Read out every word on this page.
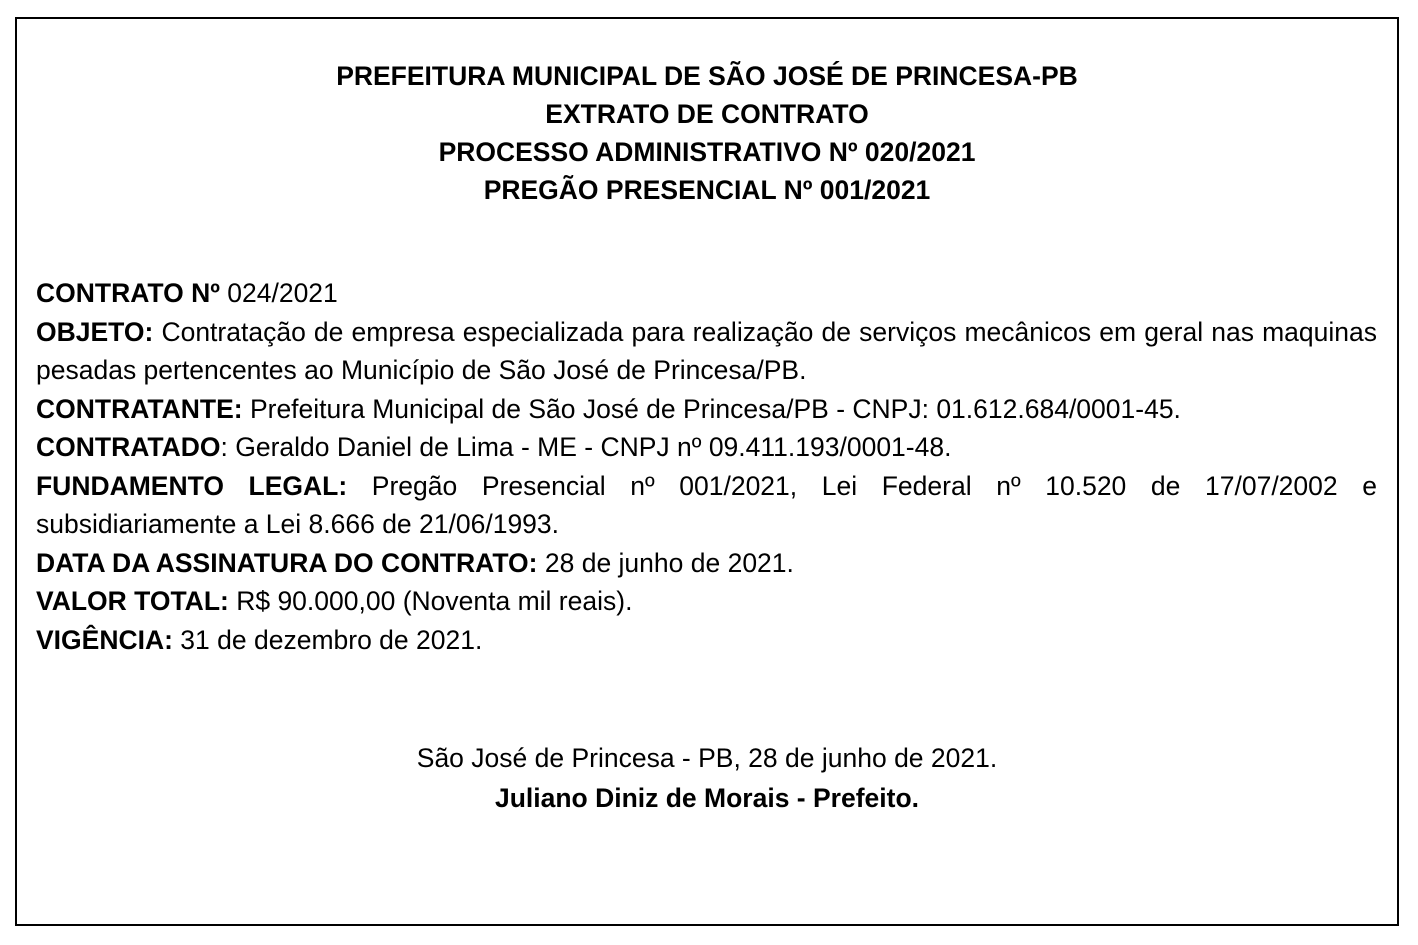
PREFEITURA MUNICIPAL DE SÃO JOSÉ DE PRINCESA-PB
EXTRATO DE CONTRATO
PROCESSO ADMINISTRATIVO Nº 020/2021
PREGÃO PRESENCIAL Nº 001/2021

CONTRATO Nº 024/2021

OBJETO: Contratação de empresa especializada para realização de serviços mecânicos em geral nas maquinas pesadas pertencentes ao Município de São José de Princesa/PB.

CONTRATANTE: Prefeitura Municipal de São José de Princesa/PB - CNPJ: 01.612.684/0001-45.

CONTRATADO: Geraldo Daniel de Lima - ME - CNPJ nº 09.411.193/0001-48.

FUNDAMENTO LEGAL: Pregão Presencial nº 001/2021, Lei Federal nº 10.520 de 17/07/2002 e subsidiariamente a Lei 8.666 de 21/06/1993.

DATA DA ASSINATURA DO CONTRATO: 28 de junho de 2021.

VALOR TOTAL: R$ 90.000,00 (Noventa mil reais).

VIGÊNCIA: 31 de dezembro de 2021.

São José de Princesa - PB, 28 de junho de 2021.
Juliano Diniz de Morais - Prefeito.
